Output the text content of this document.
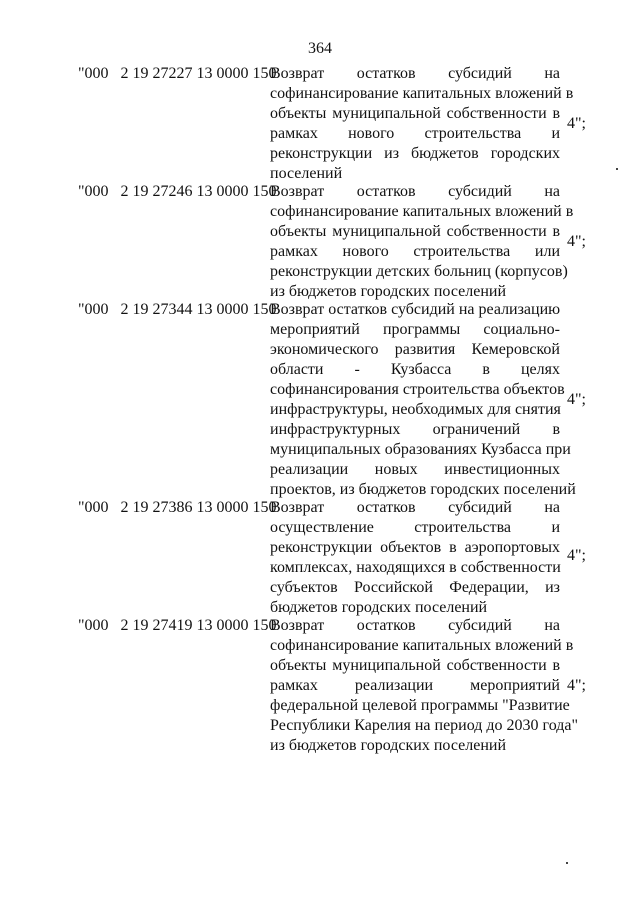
364
"000   2 19 27227 13 0000 150
Возврат остатков субсидий на
софинансирование капитальных вложений в
объекты муниципальной собственности в
рамках нового строительства и
реконструкции из бюджетов городских
поселений
4";
"000   2 19 27246 13 0000 150
Возврат остатков субсидий на
софинансирование капитальных вложений в
объекты муниципальной собственности в
рамках нового строительства или
реконструкции детских больниц (корпусов)
из бюджетов городских поселений
4";
"000   2 19 27344 13 0000 150
Возврат остатков субсидий на реализацию
мероприятий программы социально-
экономического развития Кемеровской
области - Кузбасса в целях
софинансирования строительства объектов
инфраструктуры, необходимых для снятия
инфраструктурных ограничений в
муниципальных образованиях Кузбасса при
реализации новых инвестиционных
проектов, из бюджетов городских поселений
4";
"000   2 19 27386 13 0000 150
Возврат остатков субсидий на
осуществление строительства и
реконструкции объектов в аэропортовых
комплексах, находящихся в собственности
субъектов Российской Федерации, из
бюджетов городских поселений
4";
"000   2 19 27419 13 0000 150
Возврат остатков субсидий на
софинансирование капитальных вложений в
объекты муниципальной собственности в
рамках реализации мероприятий
федеральной целевой программы "Развитие
Республики Карелия на период до 2030 года"
из бюджетов городских поселений
4";
